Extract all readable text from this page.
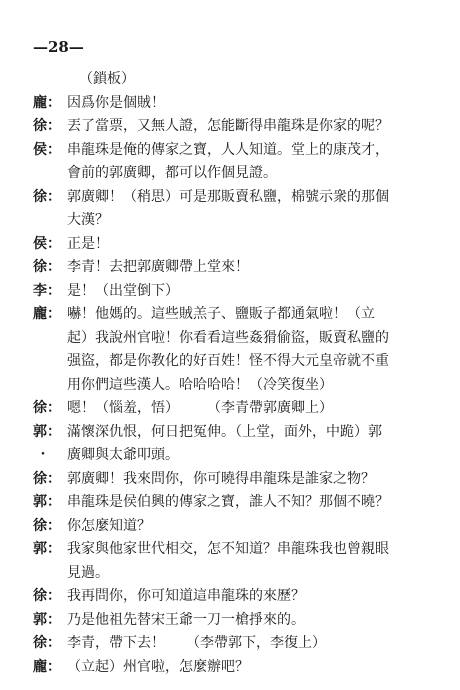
—28—
（鎖板）
龐： 因爲你是個賊！
徐： 丟了當票，又無人證，怎能斷得串龍珠是你家的呢？
侯： 串龍珠是俺的傳家之寶，人人知道。堂上的康茂才，
會前的郭廣卿，都可以作個見證。
徐： 郭廣卿！（稍思）可是那販賣私鹽，棉號示衆的那個
大漢？
侯： 正是！
徐： 李青！去把郭廣卿帶上堂來！
李： 是！（出堂倒下）
龐： 嚇！他媽的。這些賊羔子、鹽販子都通氣啦！（立
起）我說州官啦！你看看這些姦猾偷盜，販賣私鹽的
强盜，都是你教化的好百姓！怪不得大元皇帝就不重
用你們這些漢人。哈哈哈哈！（冷笑復坐）
徐： 嗯！（惱羞，悟）　　　（李青帶郭廣卿上）
郭： 滿懷深仇恨，何日把冤伸。（上堂，面外，中跪）郭
・ 廣卿與太爺叩頭。
徐： 郭廣卿！我來問你，你可曉得串龍珠是誰家之物？
郭： 串龍珠是侯伯興的傳家之寶，誰人不知？那個不曉？
徐： 你怎麼知道？
郭： 我家與他家世代相交，怎不知道？串龍珠我也曾親眼
見過。
徐： 我再問你，你可知道這串龍珠的來歷？
郭： 乃是他祖先替宋王爺一刀一槍掙來的。
徐： 李青，帶下去！　　（李帶郭下，李復上）
龐： （立起）州官啦，怎麼辦吧？
